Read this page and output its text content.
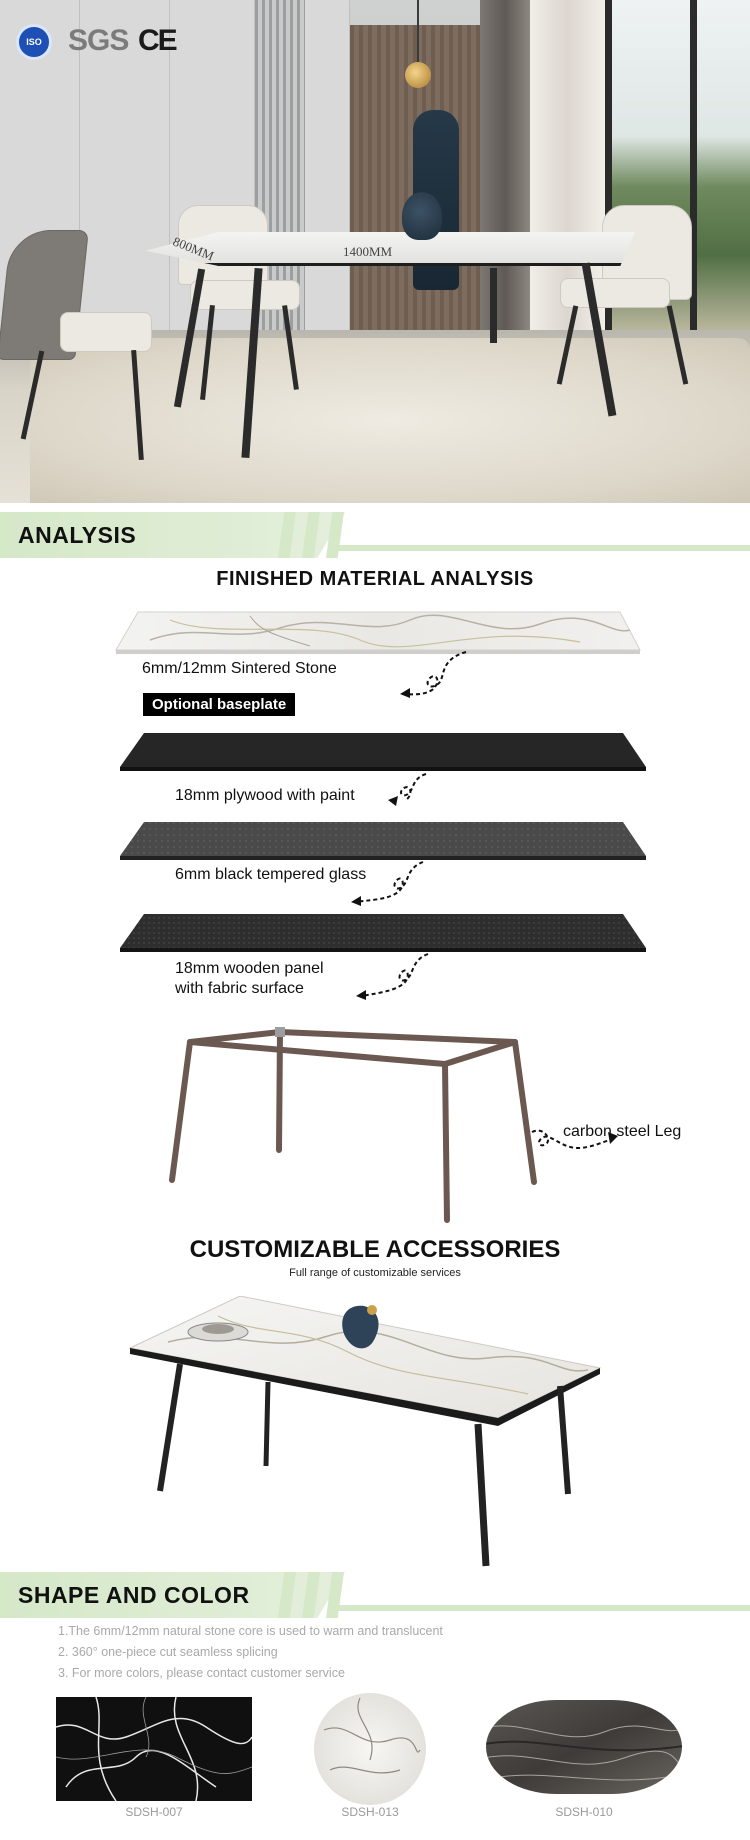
800MM	1400MM
ISO SGS CE
ANALYSIS
FINISHED MATERIAL ANALYSIS
6mm/12mm Sintered Stone
Optional baseplate
18mm plywood with paint
6mm black tempered glass
18mm wooden panel
with fabric surface
carbon steel Leg
CUSTOMIZABLE ACCESSORIES
Full range of customizable services
SHAPE AND COLOR
1.The 6mm/12mm natural stone core is used to warm and translucent
2. 360° one-piece cut seamless splicing
3. For more colors, please contact customer service
SDSH-007	SDSH-013	SDSH-010
